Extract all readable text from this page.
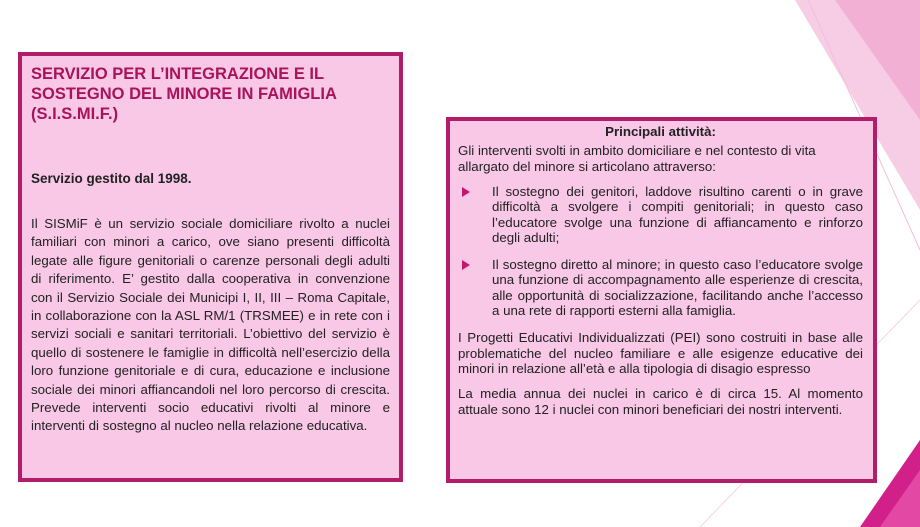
SERVIZIO PER L’INTEGRAZIONE E IL SOSTEGNO DEL MINORE IN FAMIGLIA (S.I.S.MI.F.)

Servizio gestito dal 1998.

Il SISMiF è un servizio sociale domiciliare rivolto a nuclei familiari con minori a carico, ove siano presenti difficoltà legate alle figure genitoriali o carenze personali degli adulti di riferimento. E’ gestito dalla cooperativa in convenzione con il Servizio Sociale dei Municipi I, II, III – Roma Capitale, in collaborazione con la ASL RM/1 (TRSMEE) e in rete con i servizi sociali e sanitari territoriali. L’obiettivo del servizio è quello di sostenere le famiglie in difficoltà nell’esercizio della loro funzione genitoriale e di cura, educazione e inclusione sociale dei minori affiancandoli nel loro percorso di crescita. Prevede interventi socio educativi rivolti al minore e interventi di sostegno al nucleo nella relazione educativa.

Principali attività:

Gli interventi svolti in ambito domiciliare e nel contesto di vita allargato del minore si articolano attraverso:

Il sostegno dei genitori, laddove risultino carenti o in grave difficoltà a svolgere i compiti genitoriali; in questo caso l’educatore svolge una funzione di affiancamento e rinforzo degli adulti;
Il sostegno diretto al minore; in questo caso l’educatore svolge una funzione di accompagnamento alle esperienze di crescita, alle opportunità di socializzazione, facilitando anche l’accesso a una rete di rapporti esterni alla famiglia.

I Progetti Educativi Individualizzati (PEI) sono costruiti in base alle problematiche del nucleo familiare e alle esigenze educative dei minori in relazione all’età e alla tipologia di disagio espresso

La media annua dei nuclei in carico è di circa 15. Al momento attuale sono 12 i nuclei con minori beneficiari dei nostri interventi.
